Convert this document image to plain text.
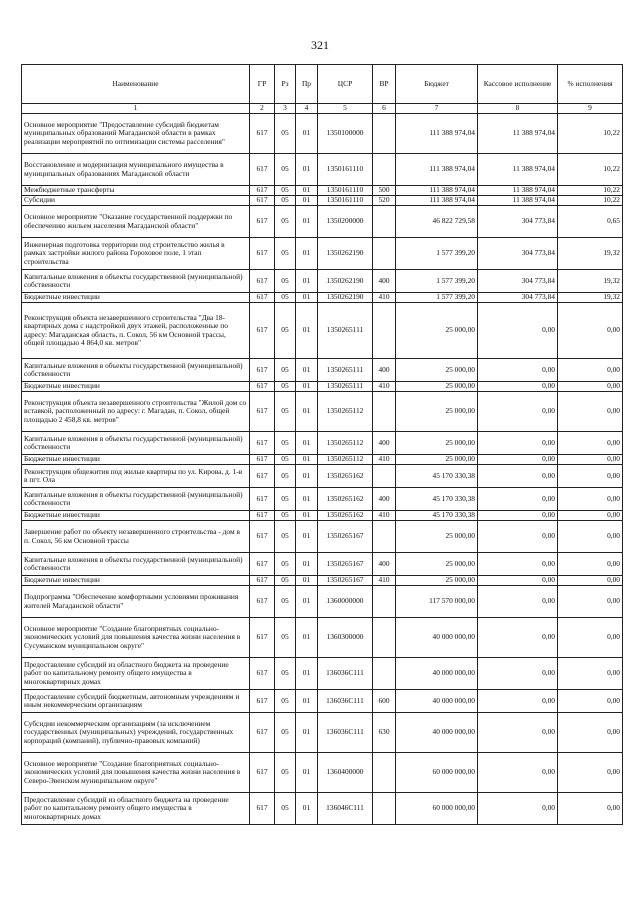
321
Наименование	ГР	Рз	Пр	ЦСР	ВР	Бюджет	Кассовое исполнение	% исполнения
1	2	3	4	5	6	7	8	9
Основное мероприятие "Предоставление субсидий бюджетам муниципальных образований Магаданской области в рамках реализации мероприятий по оптимизации системы расселения"	617	05	01	1350100000		111 388 974,04	11 388 974,04	10,22
Восстановление и модернизация муниципального имущества в муниципальных образованиях Магаданской области	617	05	01	1350161110		111 388 974,04	11 388 974,04	10,22
Межбюджетные трансферты	617	05	01	1350161110	500	111 388 974,04	11 388 974,04	10,22
Субсидии	617	05	01	1350161110	520	111 388 974,04	11 388 974,04	10,22
Основное мероприятие "Оказание государственной поддержки по обеспечению жильем населения Магаданской области"	617	05	01	1350200000		46 822 729,58	304 773,84	0,65
Инженерная подготовка территории под строительство жилья в рамках застройки жилого района Гороховое поле, 1 этап строительства	617	05	01	1350262190		1 577 399,20	304 773,84	19,32
Капитальные вложения в объекты государственной (муниципальной) собственности	617	05	01	1350262190	400	1 577 399,20	304 773,84	19,32
Бюджетные инвестиции	617	05	01	1350262190	410	1 577 399,20	304 773,84	19,32
Реконструкция объекта незавершенного строительства "Два 18-квартирных дома с надстройкой двух этажей, расположенные по адресу: Магаданская область, п. Сокол, 56 км Основной трассы, общей площадью 4 864,0 кв. метров"	617	05	01	1350265111		25 000,00	0,00	0,00
Капитальные вложения в объекты государственной (муниципальной) собственности	617	05	01	1350265111	400	25 000,00	0,00	0,00
Бюджетные инвестиции	617	05	01	1350265111	410	25 000,00	0,00	0,00
Реконструкция объекта незавершенного строительства "Жилой дом со вставкой, расположенный по адресу: г. Магадан, п. Сокол, общей площадью 2 458,8 кв. метров"	617	05	01	1350265112		25 000,00	0,00	0,00
Капитальные вложения в объекты государственной (муниципальной) собственности	617	05	01	1350265112	400	25 000,00	0,00	0,00
Бюджетные инвестиции	617	05	01	1350265112	410	25 000,00	0,00	0,00
Реконструкция общежития под жилые квартиры по ул. Кирова, д. 1-в в пгт. Ола	617	05	01	1350265162		45 170 330,38	0,00	0,00
Капитальные вложения в объекты государственной (муниципальной) собственности	617	05	01	1350265162	400	45 170 330,38	0,00	0,00
Бюджетные инвестиции	617	05	01	1350265162	410	45 170 330,38	0,00	0,00
Завершение работ по объекту незавершенного строительства - дом в п. Сокол, 56 км Основной трассы	617	05	01	1350265167		25 000,00	0,00	0,00
Капитальные вложения в объекты государственной (муниципальной) собственности	617	05	01	1350265167	400	25 000,00	0,00	0,00
Бюджетные инвестиции	617	05	01	1350265167	410	25 000,00	0,00	0,00
Подпрограмма "Обеспечение комфортными условиями проживания жителей Магаданской области"	617	05	01	1360000000		117 570 000,00	0,00	0,00
Основное мероприятие "Создание благоприятных социально-экономических условий для повышения качества жизни населения в Сусуманском муниципальном округе"	617	05	01	1360300000		40 000 000,00	0,00	0,00
Предоставление субсидий из областного бюджета на проведение работ по капитальному ремонту общего имущества в многоквартирных домах	617	05	01	136036С111		40 000 000,00	0,00	0,00
Предоставление субсидий бюджетным, автономным учреждениям и иным некоммерческим организациям	617	05	01	136036С111	600	40 000 000,00	0,00	0,00
Субсидии некоммерческим организациям (за исключением государственных (муниципальных) учреждений, государственных корпораций (компаний), публично-правовых компаний)	617	05	01	136036С111	630	40 000 000,00	0,00	0,00
Основное мероприятие "Создание благоприятных социально-экономических условий для повышения качества жизни населения в Северо-Эвенском муниципальном округе"	617	05	01	1360400000		60 000 000,00	0,00	0,00
Предоставление субсидий из областного бюджета на проведение работ по капитальному ремонту общего имущества в многоквартирных домах	617	05	01	136046С111		60 000 000,00	0,00	0,00
